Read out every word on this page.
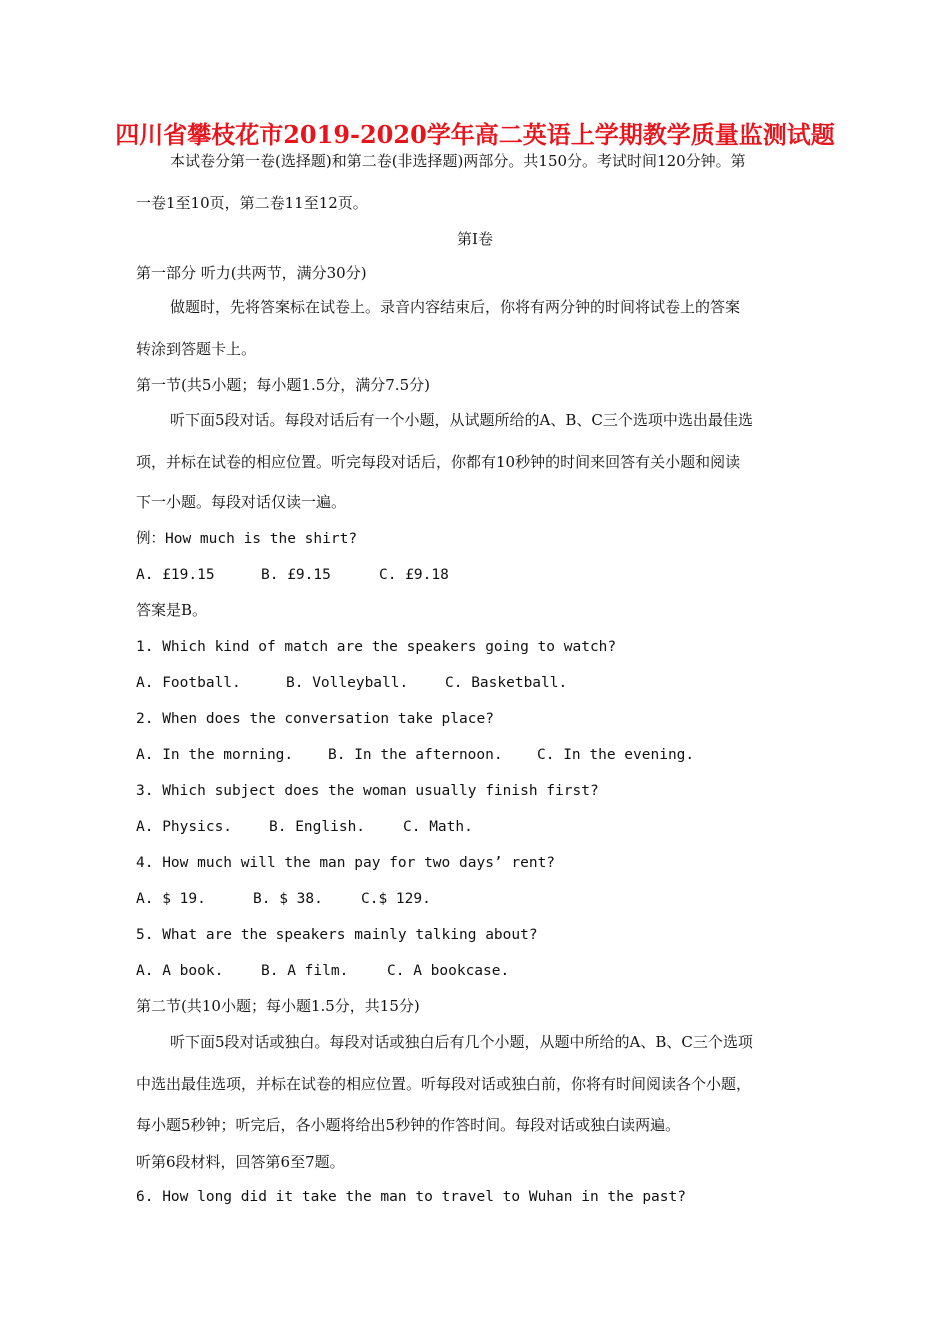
四川省攀枝花市2019-2020学年高二英语上学期教学质量监测试题
本试卷分第一卷(选择题)和第二卷(非选择题)两部分。共150分。考试时间120分钟。第
一卷1至10页，第二卷11至12页。
第Ⅰ卷
第一部分 听力(共两节，满分30分)
做题时，先将答案标在试卷上。录音内容结束后，你将有两分钟的时间将试卷上的答案
转涂到答题卡上。
第一节(共5小题；每小题1.5分，满分7.5分)
听下面5段对话。每段对话后有一个小题，从试题所给的A、B、C三个选项中选出最佳选
项，并标在试卷的相应位置。听完每段对话后，你都有10秒钟的时间来回答有关小题和阅读
下一小题。每段对话仅读一遍。
例：How much is the shirt?
A. £19.15	B. £9.15	C. £9.18
答案是B。
1. Which kind of match are the speakers going to watch?
A. Football.	B. Volleyball.	C. Basketball.
2. When does the conversation take place?
A. In the morning. B. In the afternoon. C. In the evening.
3. Which subject does the woman usually finish first?
A. Physics.	B. English.	C. Math.
4. How much will the man pay for two days’ rent?
A. $ 19.	B. $ 38.	C.$ 129.
5. What are the speakers mainly talking about?
A. A book.	B. A film.	C. A bookcase.
第二节(共10小题；每小题1.5分，共15分)
听下面5段对话或独白。每段对话或独白后有几个小题，从题中所给的A、B、C三个选项
中选出最佳选项，并标在试卷的相应位置。听每段对话或独白前，你将有时间阅读各个小题，
每小题5秒钟；听完后，各小题将给出5秒钟的作答时间。每段对话或独白读两遍。
听第6段材料，回答第6至7题。
6. How long did it take the man to travel to Wuhan in the past?
